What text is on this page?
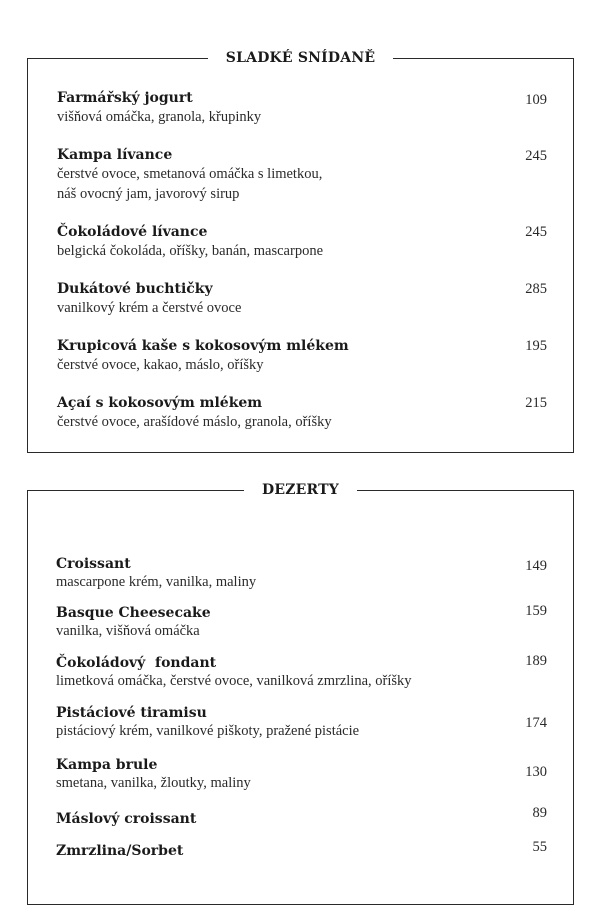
SLADKÉ SNÍDANĚ
Farmářský jogurt
višňová omáčka, granola, křupinky
109
Kampa lívance
čerstvé ovoce, smetanová omáčka s limetkou,
náš ovocný jam, javorový sirup
245
Čokoládové lívance
belgická čokoláda, oříšky, banán, mascarpone
245
Dukátové buchtičky
vanilkový krém a čerstvé ovoce
285
Krupicová kaše s kokosovým mlékem
čerstvé ovoce, kakao, máslo, oříšky
195
Açaí s kokosovým mlékem
čerstvé ovoce, arašídové máslo, granola, oříšky
215
DEZERTY
Croissant
mascarpone krém, vanilka, maliny
149
Basque Cheesecake
vanilka, višňová omáčka
159
Čokoládový  fondant
limetková omáčka, čerstvé ovoce, vanilková zmrzlina, oříšky
189
Pistáciové tiramisu
pistáciový krém, vanilkové piškoty, pražené pistácie	174
Kampa brule
smetana, vanilka, žloutky, maliny
130
Máslový croissant	89
Zmrzlina/Sorbet	55
